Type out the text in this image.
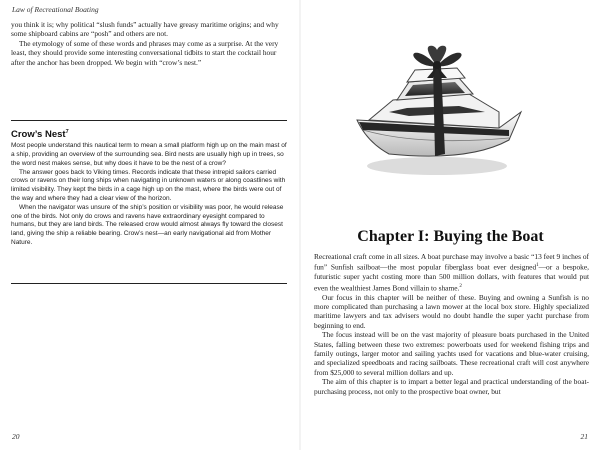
Law of Recreational Boating

you think it is; why political “slush funds” actually have greasy maritime origins; and why some shipboard cabins are “posh” and others are not.

The etymology of some of these words and phrases may come as a surprise. At the very least, they should provide some interesting conversational tidbits to start the cocktail hour after the anchor has been dropped. We begin with “crow’s nest.”

Crow’s Nest$^7$

Most people understand this nautical term to mean a small platform high up on the main mast of a ship, providing an overview of the surrounding sea. Bird nests are usually high up in trees, so the word nest makes sense, but why does it have to be the nest of a crow?

The answer goes back to Viking times. Records indicate that these intrepid sailors carried crows or ravens on their long ships when navigating in unknown waters or along coastlines with limited visibility. They kept the birds in a cage high up on the mast, where the birds were out of the way and where they had a clear view of the horizon.

When the navigator was unsure of the ship’s position or visibility was poor, he would release one of the birds. Not only do crows and ravens have extraordinary eyesight compared to humans, but they are land birds. The released crow would almost always fly toward the closest land, giving the ship a reliable bearing. Crow’s nest—an early navigational aid from Mother Nature.

20
Chapter I: Buying the Boat

Recreational craft come in all sizes. A boat purchase may involve a basic “13 feet 9 inches of fun” Sunfish sailboat—the most popular fiberglass boat ever designed$^1$—or a bespoke, futuristic super yacht costing more than 500 million dollars, with features that would put even the wealthiest James Bond villain to shame.$^2$

Our focus in this chapter will be neither of these. Buying and owning a Sunfish is no more complicated than purchasing a lawn mower at the local box store. Highly specialized maritime lawyers and tax advisers would no doubt handle the super yacht purchase from beginning to end.

The focus instead will be on the vast majority of pleasure boats purchased in the United States, falling between these two extremes: powerboats used for weekend fishing trips and family outings, larger motor and sailing yachts used for vacations and blue-water cruising, and specialized speedboats and racing sailboats. These recreational craft will cost anywhere from $25,000 to several million dollars and up.

The aim of this chapter is to impart a better legal and practical understanding of the boat-purchasing process, not only to the prospective boat owner, but

21
